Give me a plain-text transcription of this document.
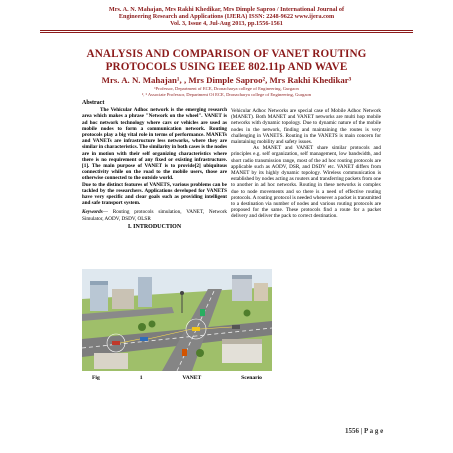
Mrs. A. N. Mahajan, Mrs Rakhi Khedikar, Mrs Dimple Saproo / International Journal of
Engineering Research and Applications (IJERA) ISSN: 2248-9622 www.ijera.com
Vol. 3, Issue 4, Jul-Aug 2013, pp.1556-1561
ANALYSIS AND COMPARISON OF VANET ROUTING
PROTOCOLS USING IEEE 802.11p AND WAVE
Mrs. A. N. Mahajan¹, , Mrs Dimple Saproo², Mrs Rakhi Khedikar³
¹Professor, Department of ECE, Dronacharya college of Engineering, Gurgaon
², ³ Associate Professor, Department Of ECE, Dronacharya college of Engineering, Gurgaon
Abstract

The Vehicular Adhoc network is the emerging research area which makes a phrase "Network on the wheel". VANET is ad hoc network technology where cars or vehicles are used as mobile nodes to form a communication network. Routing protocols play a big vital role in terms of performance. MANETs and VANETs are infrastructure less networks, where they are similar in characteristics. The similarity in both cases is the nodes are in motion with their self organizing characteristics where there is no requirement of any fixed or existing infrastructure. [1]. The main purpose of VANET is to provide[2] ubiquitous connectivity while on the road to the mobile users, those are otherwise connected to the outside world.

Due to the distinct features of VANETS, various problems can be tackled by the researchers. Applications developed for VANETS have very specific and clear goals such as providing intelligent and safe transport system.

Keywords— Routing protocols simulation, VANET, Network Simulator, AODV, DSDV, OLSR
I. INTRODUCTION

Vehicular Adhoc Networks are special case of Mobile Adhoc Network (MANET). Both MANET and VANET networks are multi hop mobile networks with dynamic topology. Due to dynamic nature of the mobile nodes in the network, finding and maintaining the routes is very challenging in VANETS. Routing in the VANETS is main concern for maintaining mobility and safety issues.

As MANET and VANET share similar protocols and principles e.g. self organization, self management, low bandwidth, and short radio transmission range, most of the ad hoc routing protocols are applicable such as AODV, DSR, and DSDV etc. VANET differs from MANET by its highly dynamic topology. Wireless communication is established by nodes acting as routers and transferring packets from one to another in ad hoc networks. Routing in these networks is complex due to node movements and so there is a need of effective routing protocols. A routing protocol is needed whenever a packet is transmitted to a destination via number of nodes and various routing protocols are proposed for the same. These protocols find a route for a packet delivery and deliver the pack to correct destination.

Fig	1	VANET	Scenario
1556 | P a g e
